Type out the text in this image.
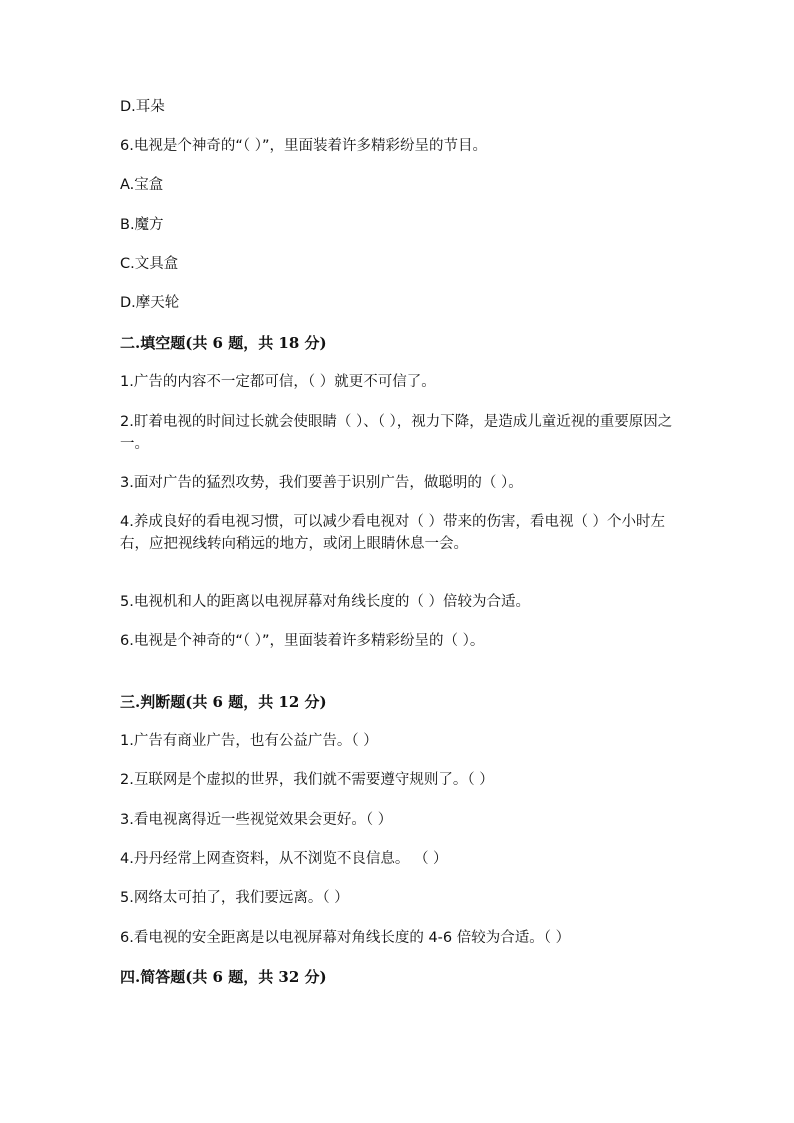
D.耳朵
6.电视是个神奇的“（ ）”，里面装着许多精彩纷呈的节目。
A.宝盒
B.魔方
C.文具盒
D.摩天轮
二.填空题(共 6 题，共 18 分)
1.广告的内容不一定都可信，（ ）就更不可信了。
2.盯着电视的时间过长就会使眼睛（ ）、（ ），视力下降，是造成儿童近视的重要原因之一。
3.面对广告的猛烈攻势，我们要善于识别广告，做聪明的（ ）。
4.养成良好的看电视习惯，可以减少看电视对（ ）带来的伤害，看电视（ ）个小时左右，应把视线转向稍远的地方，或闭上眼睛休息一会。
5.电视机和人的距离以电视屏幕对角线长度的（ ）倍较为合适。
6.电视是个神奇的“（ ）”，里面装着许多精彩纷呈的（ ）。
三.判断题(共 6 题，共 12 分)
1.广告有商业广告，也有公益广告。（ ）
2.互联网是个虚拟的世界，我们就不需要遵守规则了。（ ）
3.看电视离得近一些视觉效果会更好。（ ）
4.丹丹经常上网查资料，从不浏览不良信息。 （ ）
5.网络太可拍了，我们要远离。（ ）
6.看电视的安全距离是以电视屏幕对角线长度的 4-6 倍较为合适。（ ）
四.简答题(共 6 题，共 32 分)
